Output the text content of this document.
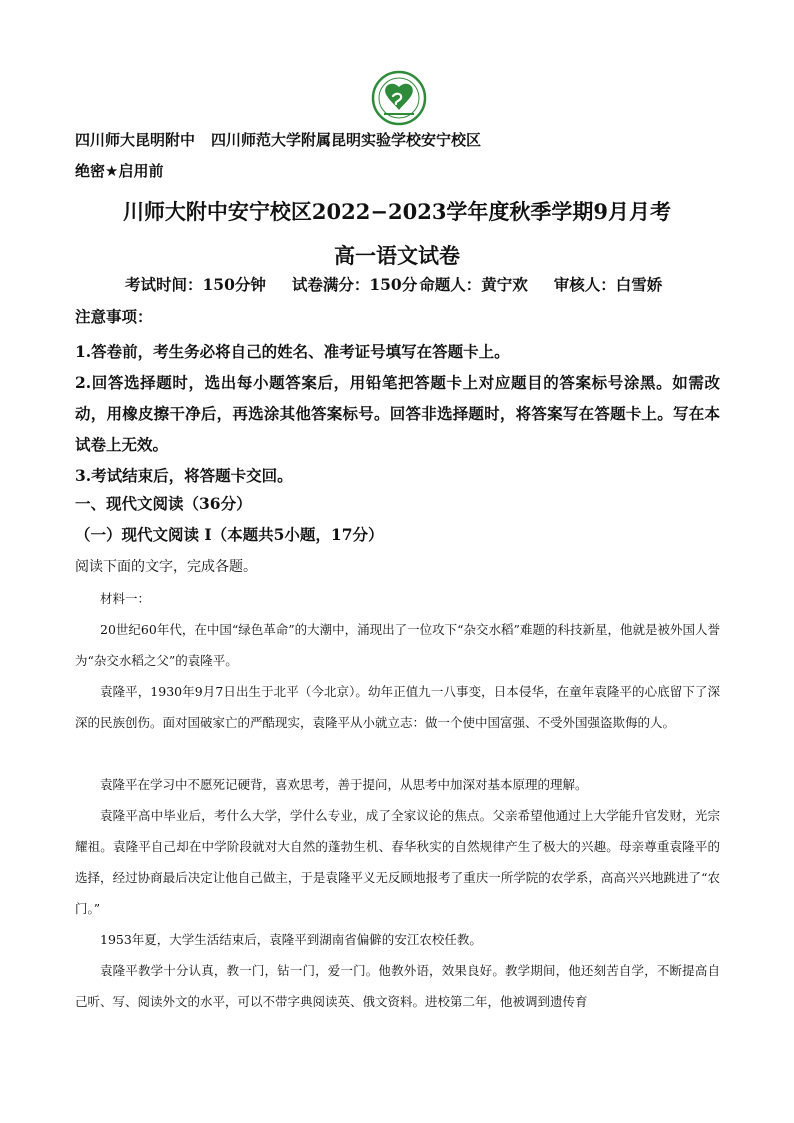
四川师大昆明附中 四川师范大学附属昆明实验学校安宁校区
绝密★启用前
川师大附中安宁校区2022−2023学年度秋季学期9月月考
高一语文试卷
考试时间：150分钟 试卷满分：150分 命题人：黄宁欢 审核人：白雪娇
注意事项：

1.答卷前，考生务必将自己的姓名、准考证号填写在答题卡上。

2.回答选择题时，选出每小题答案后，用铅笔把答题卡上对应题目的答案标号涂黑。如需改动，用橡皮擦干净后，再选涂其他答案标号。回答非选择题时，将答案写在答题卡上。写在本试卷上无效。

3.考试结束后，将答题卡交回。

一、现代文阅读（36分）
（一）现代文阅读 I（本题共5小题，17分）
阅读下面的文字，完成各题。

材料一：

20世纪60年代，在中国“绿色革命”的大潮中，涌现出了一位攻下“杂交水稻”难题的科技新星，他就是被外国人誉为“杂交水稻之父”的袁隆平。

袁隆平，1930年9月7日出生于北平（今北京）。幼年正值九一八事变，日本侵华，在童年袁隆平的心底留下了深深的民族创伤。面对国破家亡的严酷现实，袁隆平从小就立志：做一个使中国富强、不受外国强盗欺侮的人。

袁隆平在学习中不愿死记硬背，喜欢思考，善于提问，从思考中加深对基本原理的理解。

袁隆平高中毕业后，考什么大学，学什么专业，成了全家议论的焦点。父亲希望他通过上大学能升官发财，光宗耀祖。袁隆平自己却在中学阶段就对大自然的蓬勃生机、春华秋实的自然规律产生了极大的兴趣。母亲尊重袁隆平的选择，经过协商最后决定让他自己做主，于是袁隆平义无反顾地报考了重庆一所学院的农学系，高高兴兴地跳进了“农门。”

1953年夏，大学生活结束后，袁隆平到湖南省偏僻的安江农校任教。

袁隆平教学十分认真，教一门，钻一门，爱一门。他教外语，效果良好。教学期间，他还刻苦自学，不断提高自己听、写、阅读外文的水平，可以不带字典阅读英、俄文资料。进校第二年，他被调到遗传育
